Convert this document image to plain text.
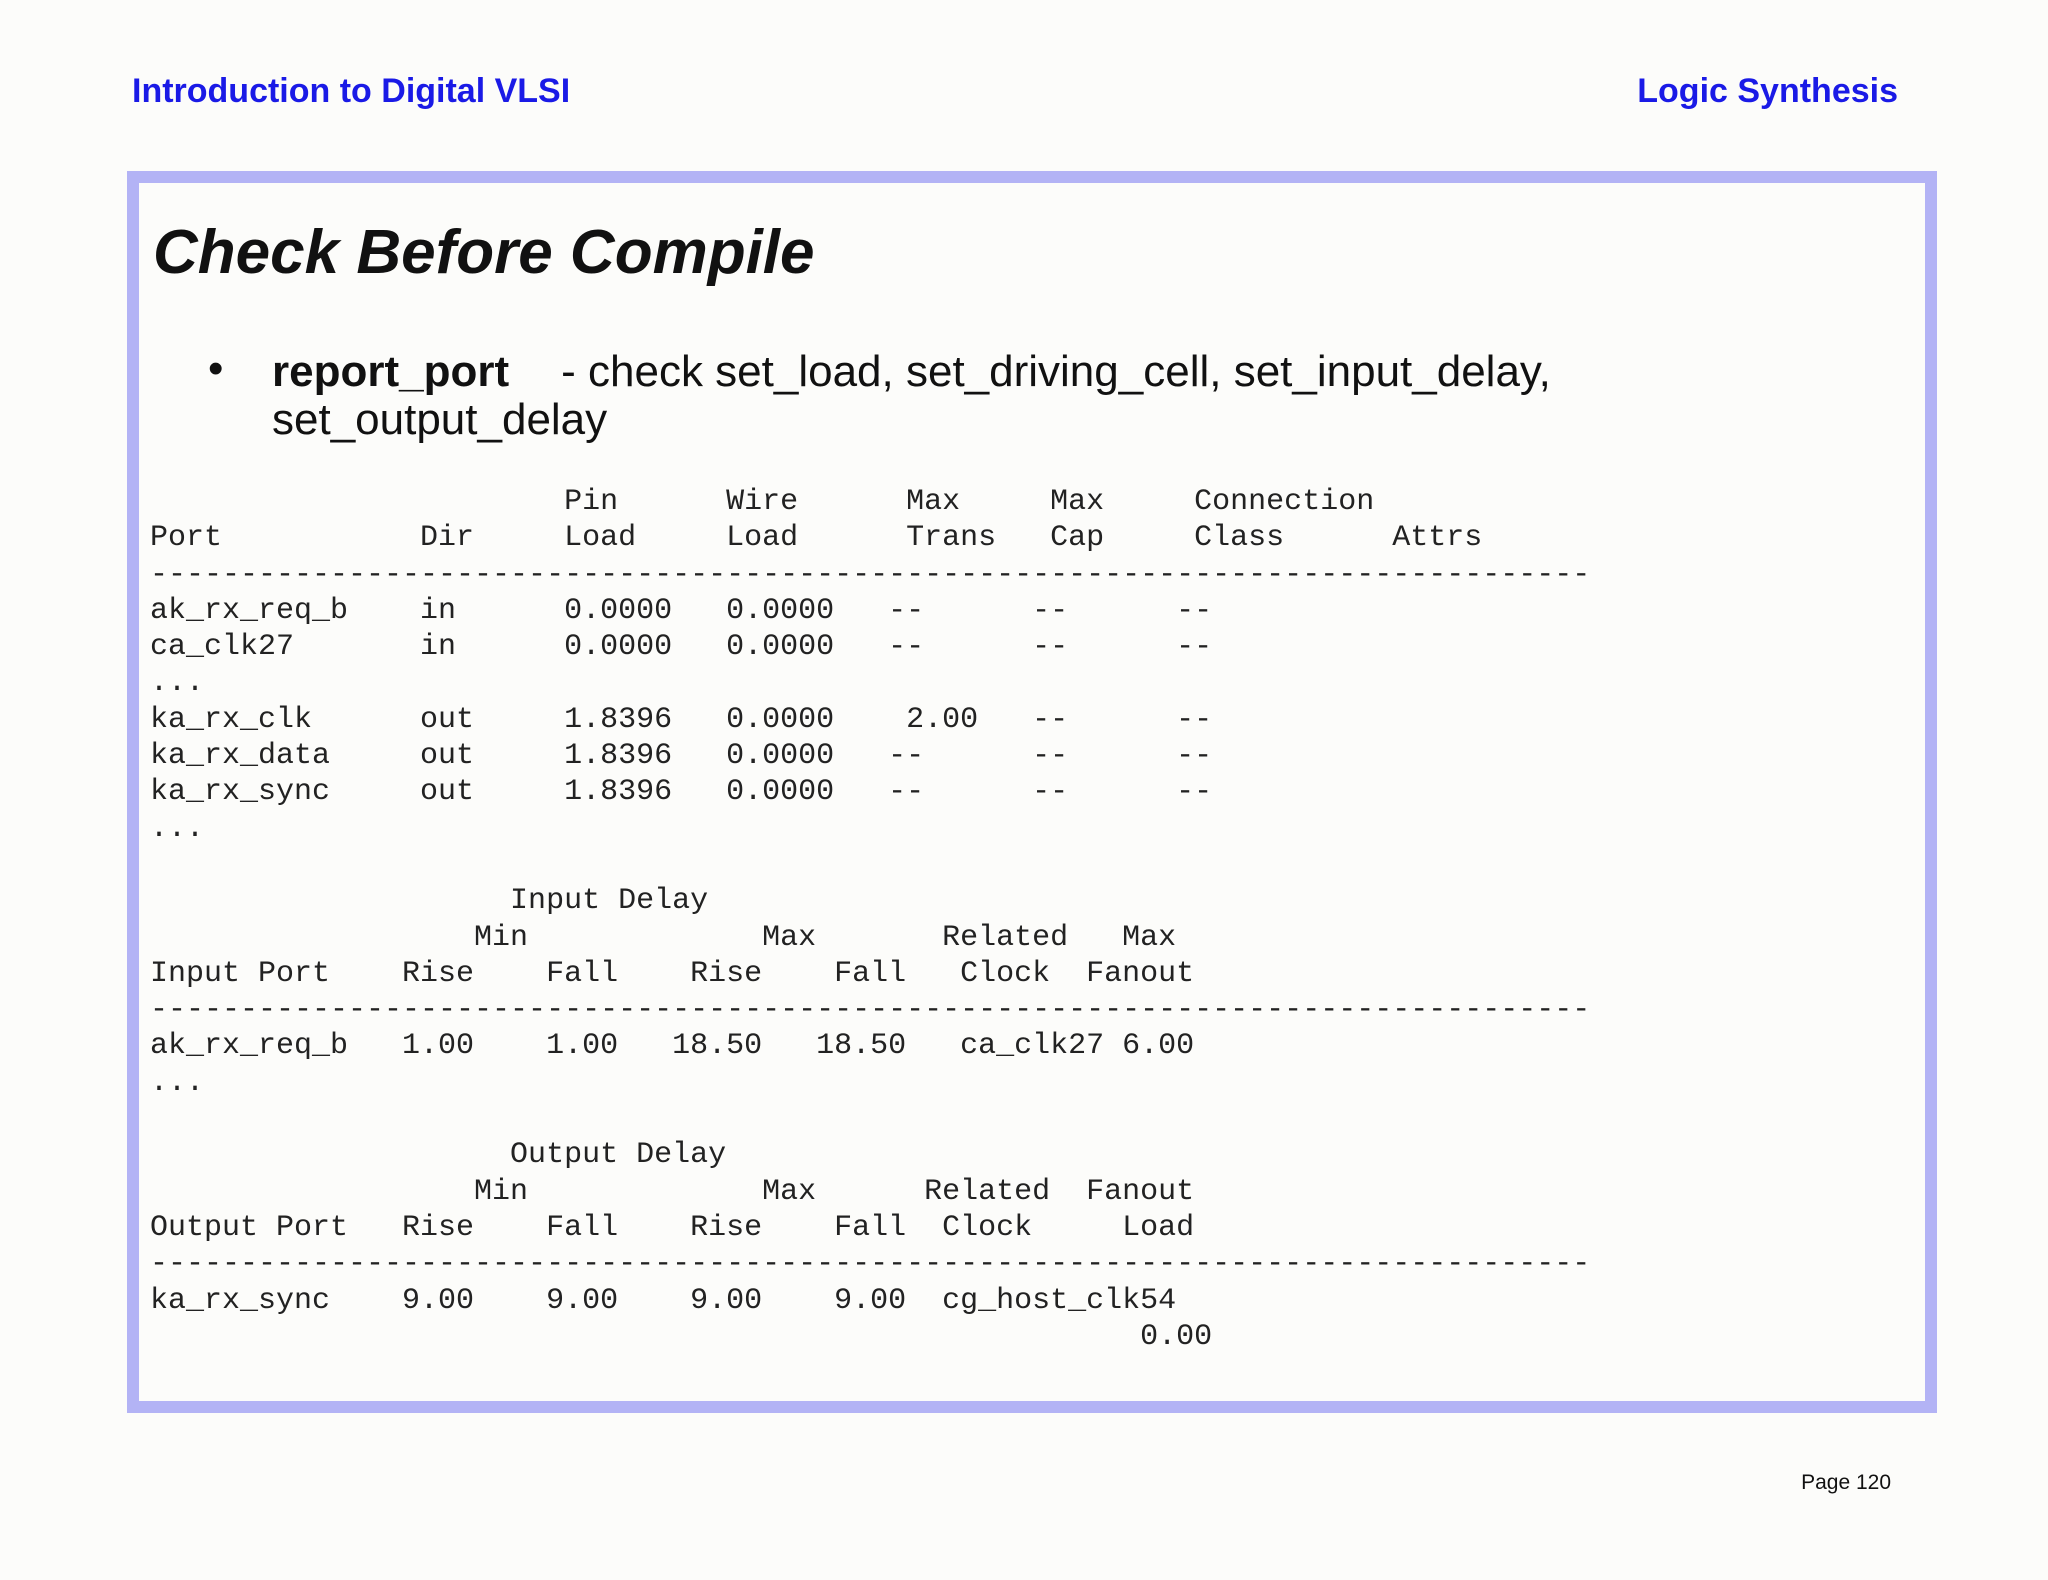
Introduction to Digital VLSI	Logic Synthesis
Check Before Compile
• report_port - check set_load, set_driving_cell, set_input_delay, set_output_delay
Pin      Wire      Max     Max     Connection
Port           Dir     Load     Load      Trans   Cap     Class      Attrs
--------------------------------------------------------------------------------
ak_rx_req_b    in      0.0000   0.0000   --      --      --
ca_clk27       in      0.0000   0.0000   --      --      --
...
ka_rx_clk      out     1.8396   0.0000    2.00   --      --
ka_rx_data     out     1.8396   0.0000   --      --      --
ka_rx_sync     out     1.8396   0.0000   --      --      --
...
Input Delay
Min             Max       Related   Max
Input Port    Rise    Fall    Rise    Fall   Clock  Fanout
--------------------------------------------------------------------------------
ak_rx_req_b   1.00    1.00   18.50   18.50   ca_clk27 6.00
...
Output Delay
Min             Max      Related  Fanout
Output Port   Rise    Fall    Rise    Fall  Clock     Load
--------------------------------------------------------------------------------
ka_rx_sync    9.00    9.00    9.00    9.00  cg_host_clk54
0.00
Page 120
